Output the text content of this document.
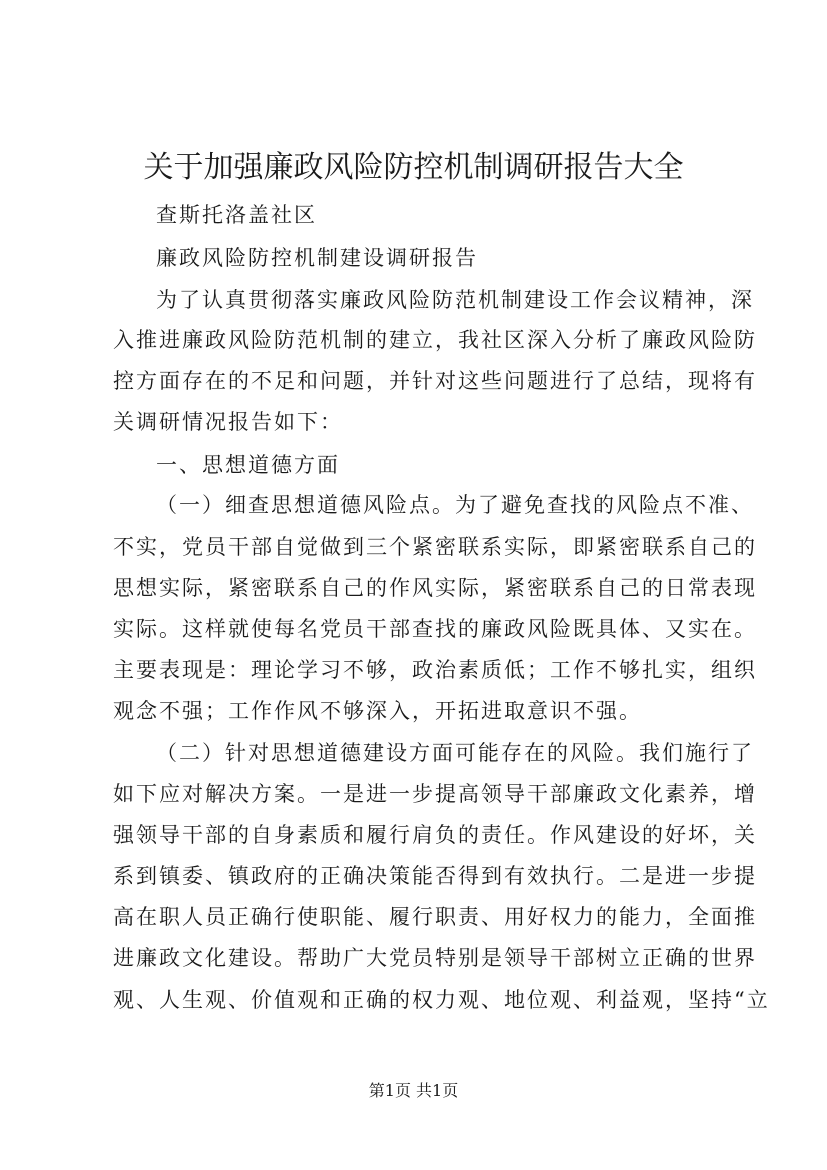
关于加强廉政风险防控机制调研报告大全
查斯托洛盖社区
廉政风险防控机制建设调研报告
为了认真贯彻落实廉政风险防范机制建设工作会议精神，深
入推进廉政风险防范机制的建立，我社区深入分析了廉政风险防
控方面存在的不足和问题，并针对这些问题进行了总结，现将有
关调研情况报告如下：
一、思想道德方面
（一）细查思想道德风险点。为了避免查找的风险点不准、
不实，党员干部自觉做到三个紧密联系实际，即紧密联系自己的
思想实际，紧密联系自己的作风实际，紧密联系自己的日常表现
实际。这样就使每名党员干部查找的廉政风险既具体、又实在。
主要表现是：理论学习不够，政治素质低；工作不够扎实，组织
观念不强；工作作风不够深入，开拓进取意识不强。
（二）针对思想道德建设方面可能存在的风险。我们施行了
如下应对解决方案。一是进一步提高领导干部廉政文化素养，增
强领导干部的自身素质和履行肩负的责任。作风建设的好坏，关
系到镇委、镇政府的正确决策能否得到有效执行。二是进一步提
高在职人员正确行使职能、履行职责、用好权力的能力，全面推
进廉政文化建设。帮助广大党员特别是领导干部树立正确的世界
观、人生观、价值观和正确的权力观、地位观、利益观，坚持“立
第1页 共1页
